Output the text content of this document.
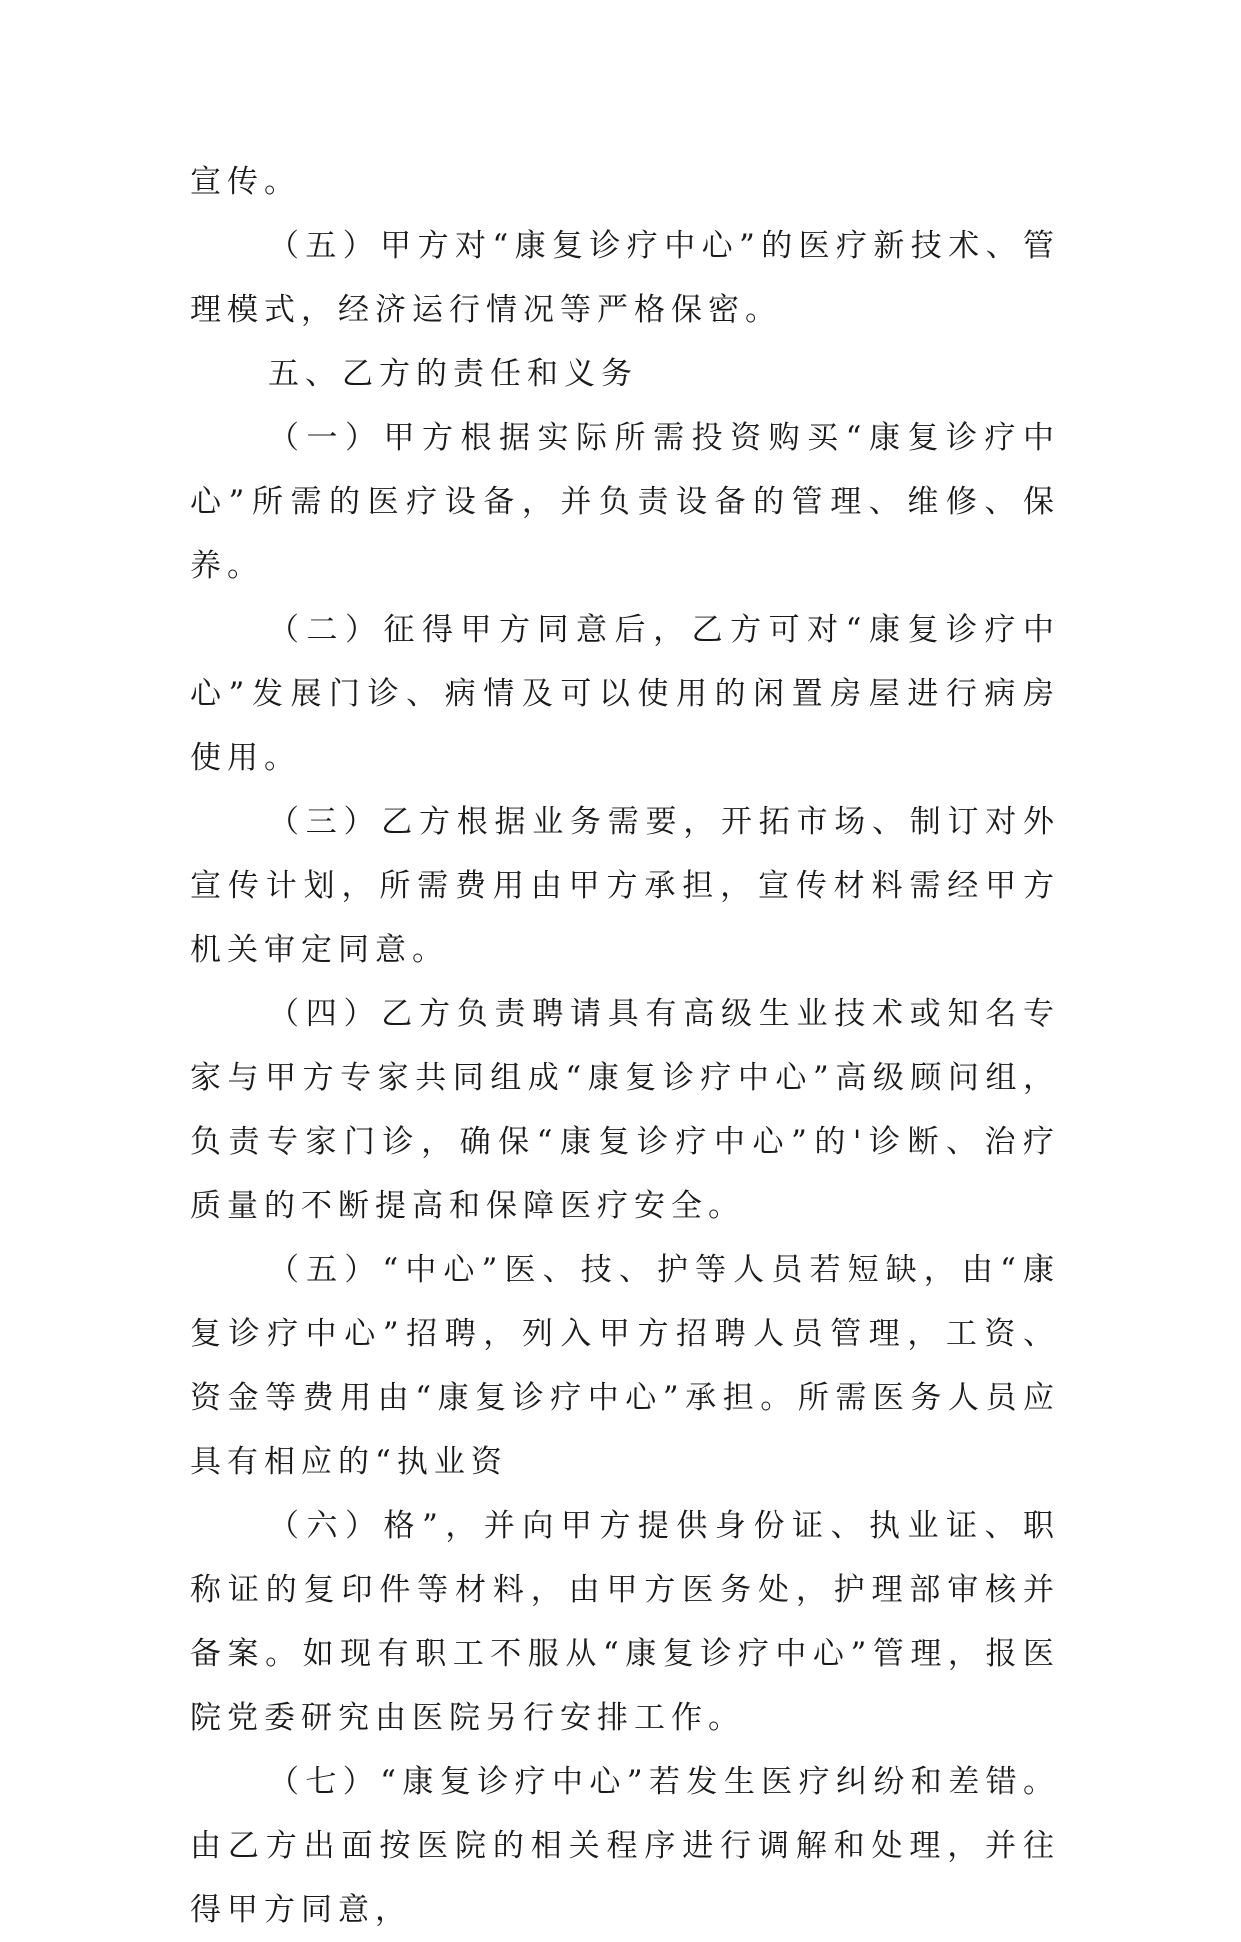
宣传。

（五）甲方对“康复诊疗中心”的医疗新技术、管理模式，经济运行情况等严格保密。

五、乙方的责任和义务

（一）甲方根据实际所需投资购买“康复诊疗中心”所需的医疗设备，并负责设备的管理、维修、保养。

（二）征得甲方同意后，乙方可对“康复诊疗中心”发展门诊、病情及可以使用的闲置房屋进行病房使用。

（三）乙方根据业务需要，开拓市场、制订对外宣传计划，所需费用由甲方承担，宣传材料需经甲方机关审定同意。

（四）乙方负责聘请具有高级生业技术或知名专家与甲方专家共同组成“康复诊疗中心”高级顾问组，负责专家门诊，确保“康复诊疗中心”的'诊断、治疗质量的不断提高和保障医疗安全。

（五）“中心”医、技、护等人员若短缺，由“康复诊疗中心”招聘，列入甲方招聘人员管理，工资、资金等费用由“康复诊疗中心”承担。所需医务人员应具有相应的“执业资

（六）格”，并向甲方提供身份证、执业证、职称证的复印件等材料，由甲方医务处，护理部审核并备案。如现有职工不服从“康复诊疗中心”管理，报医院党委研究由医院另行安排工作。

（七）“康复诊疗中心”若发生医疗纠纷和差错。由乙方出面按医院的相关程序进行调解和处理，并往得甲方同意，
